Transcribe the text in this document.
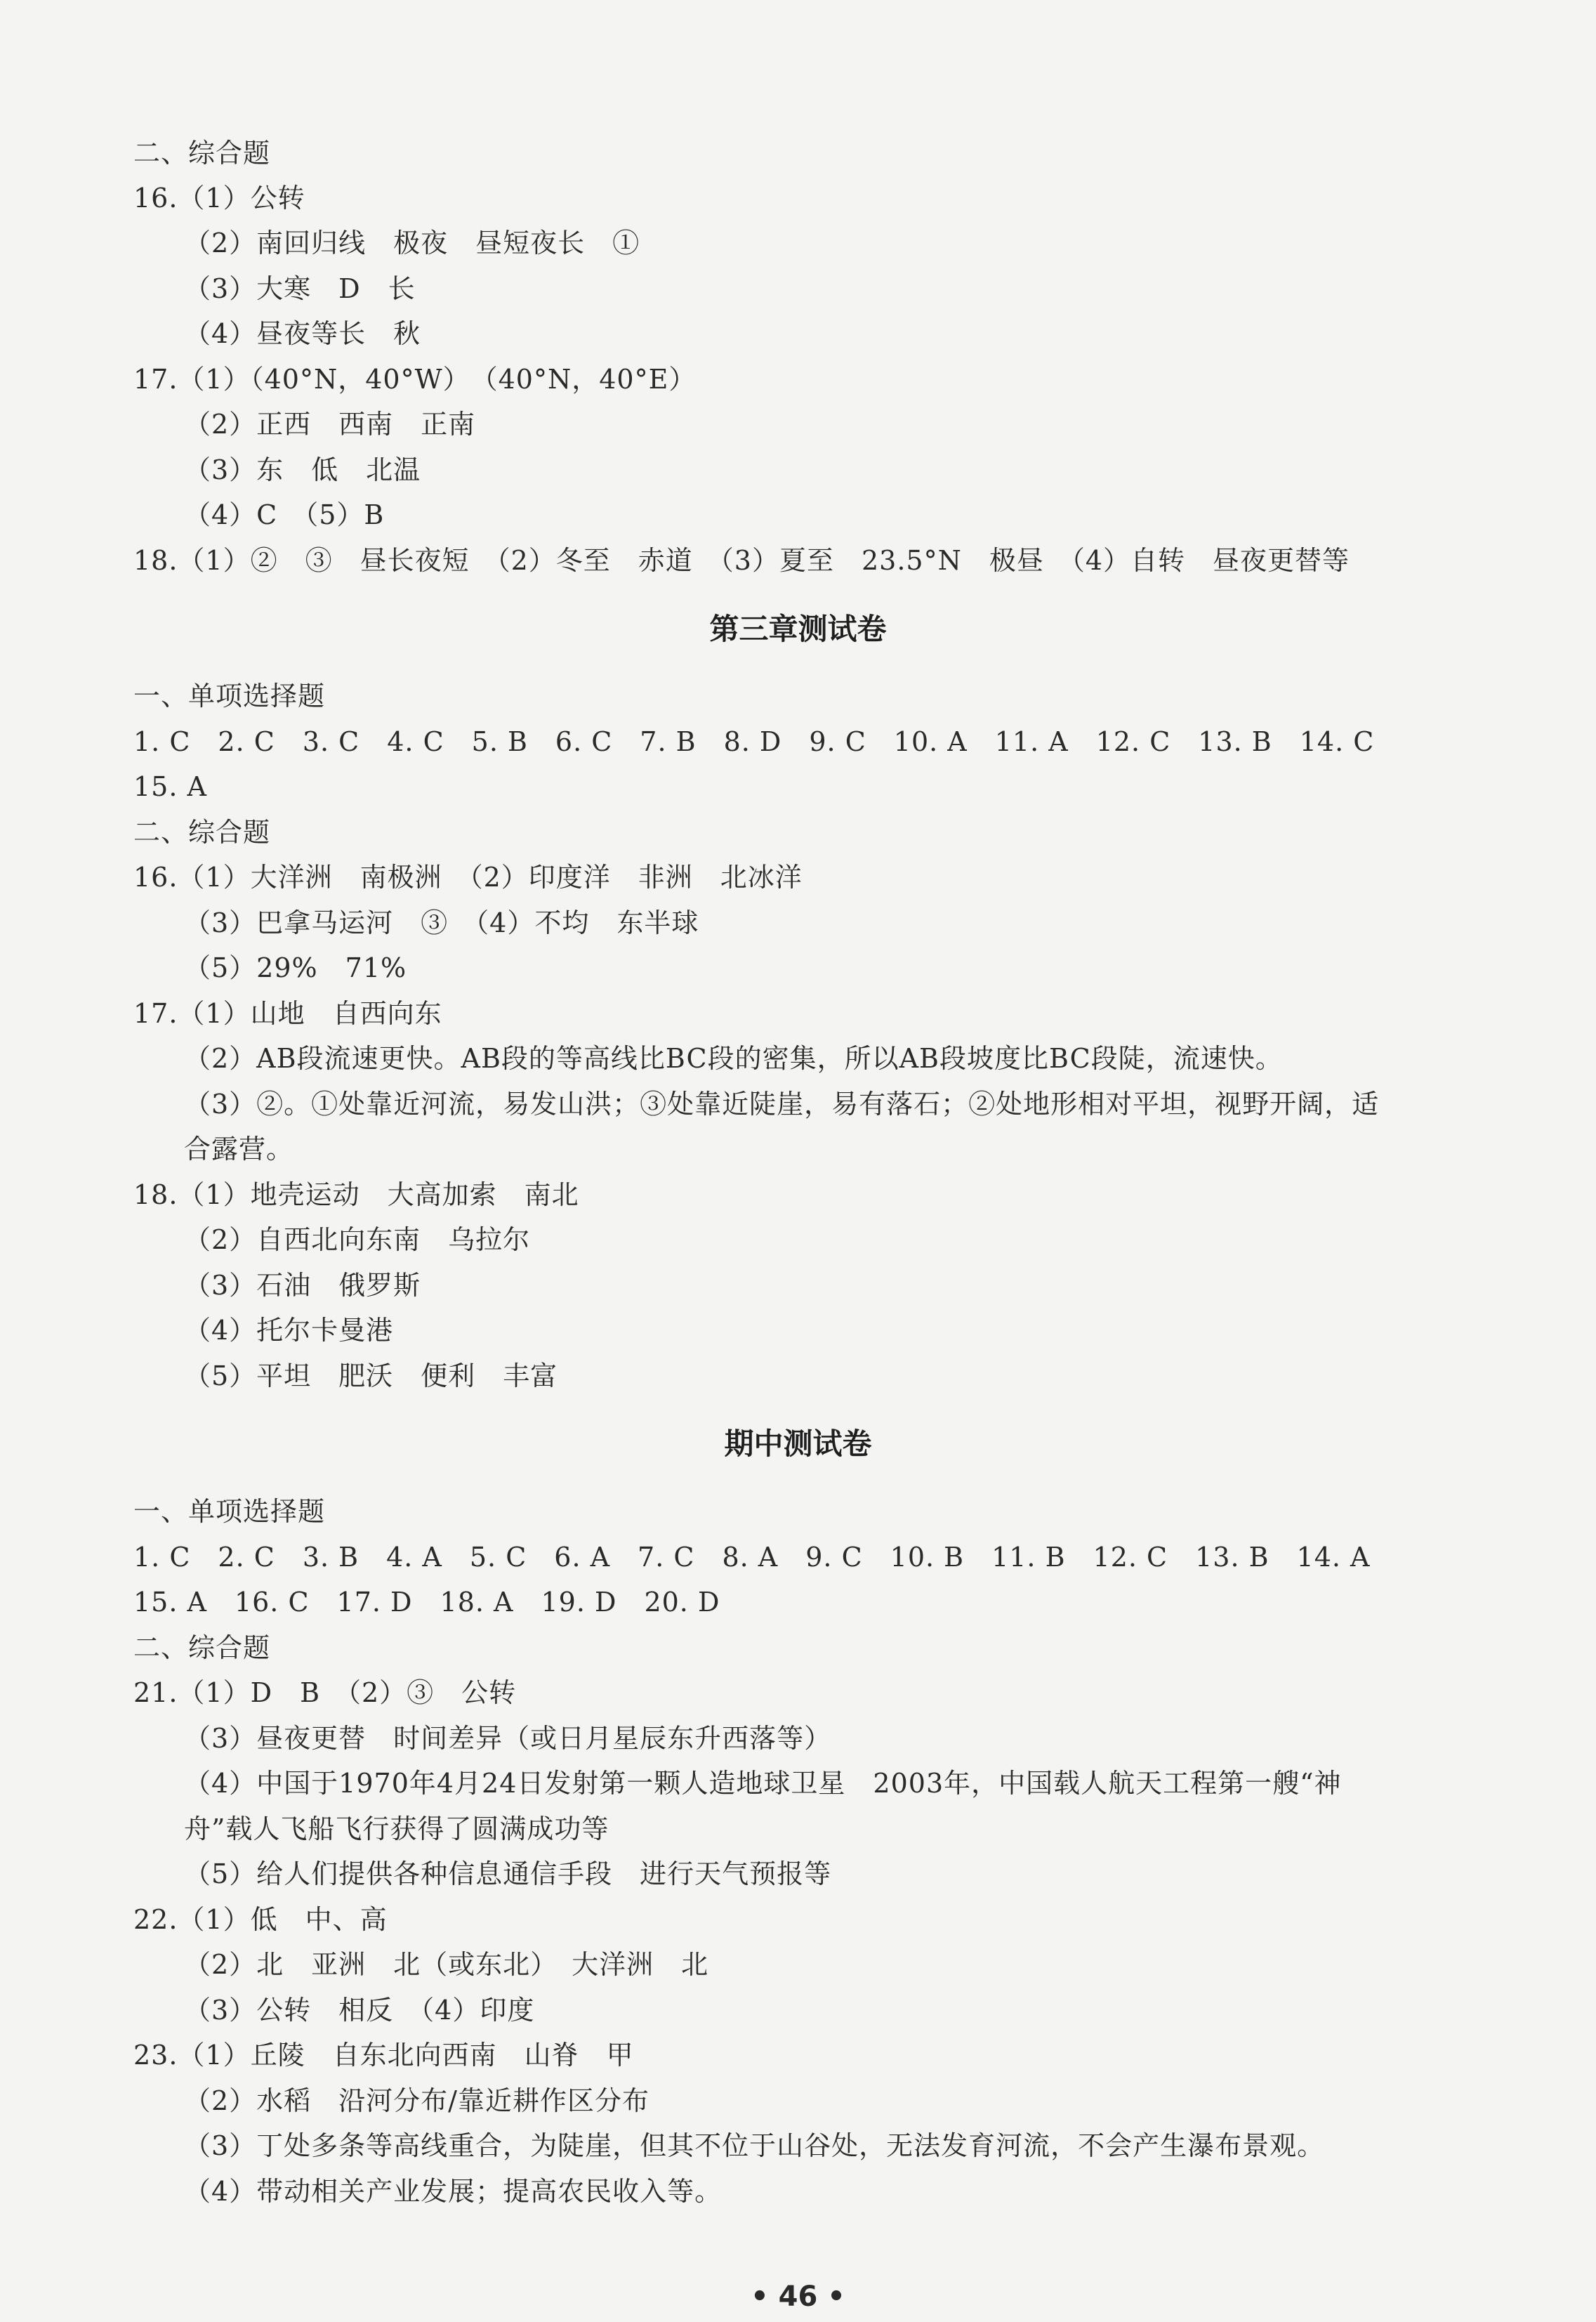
二、综合题
16.（1）公转
（2）南回归线　极夜　昼短夜长　①
（3）大寒　D　长
（4）昼夜等长　秋
17.（1）（40°N，40°W）　（40°N，40°E）
（2）正西　西南　正南
（3）东　低　北温
（4）C　（5）B
18.（1）②　③　昼长夜短　（2）冬至　赤道　（3）夏至　23.5°N　极昼　（4）自转　昼夜更替等
第三章测试卷
一、单项选择题
1. C　2. C　3. C　4. C　5. B　6. C　7. B　8. D　9. C　10. A　11. A　12. C　13. B　14. C
15. A
二、综合题
16.（1）大洋洲　南极洲　（2）印度洋　非洲　北冰洋
（3）巴拿马运河　③　（4）不均　东半球
（5）29%　71%
17.（1）山地　自西向东
（2）AB段流速更快。AB段的等高线比BC段的密集，所以AB段坡度比BC段陡，流速快。
（3）②。①处靠近河流，易发山洪；③处靠近陡崖，易有落石；②处地形相对平坦，视野开阔，适
合露营。
18.（1）地壳运动　大高加索　南北
（2）自西北向东南　乌拉尔
（3）石油　俄罗斯
（4）托尔卡曼港
（5）平坦　肥沃　便利　丰富
期中测试卷
一、单项选择题
1. C　2. C　3. B　4. A　5. C　6. A　7. C　8. A　9. C　10. B　11. B　12. C　13. B　14. A
15. A　16. C　17. D　18. A　19. D　20. D
二、综合题
21.（1）D　B　（2）③　公转
（3）昼夜更替　时间差异（或日月星辰东升西落等）
（4）中国于1970年4月24日发射第一颗人造地球卫星　2003年，中国载人航天工程第一艘“神
舟”载人飞船飞行获得了圆满成功等
（5）给人们提供各种信息通信手段　进行天气预报等
22.（1）低　中、高
（2）北　亚洲　北（或东北）　大洋洲　北
（3）公转　相反　（4）印度
23.（1）丘陵　自东北向西南　山脊　甲
（2）水稻　沿河分布/靠近耕作区分布
（3）丁处多条等高线重合，为陡崖，但其不位于山谷处，无法发育河流，不会产生瀑布景观。
（4）带动相关产业发展；提高农民收入等。
• 46 •
